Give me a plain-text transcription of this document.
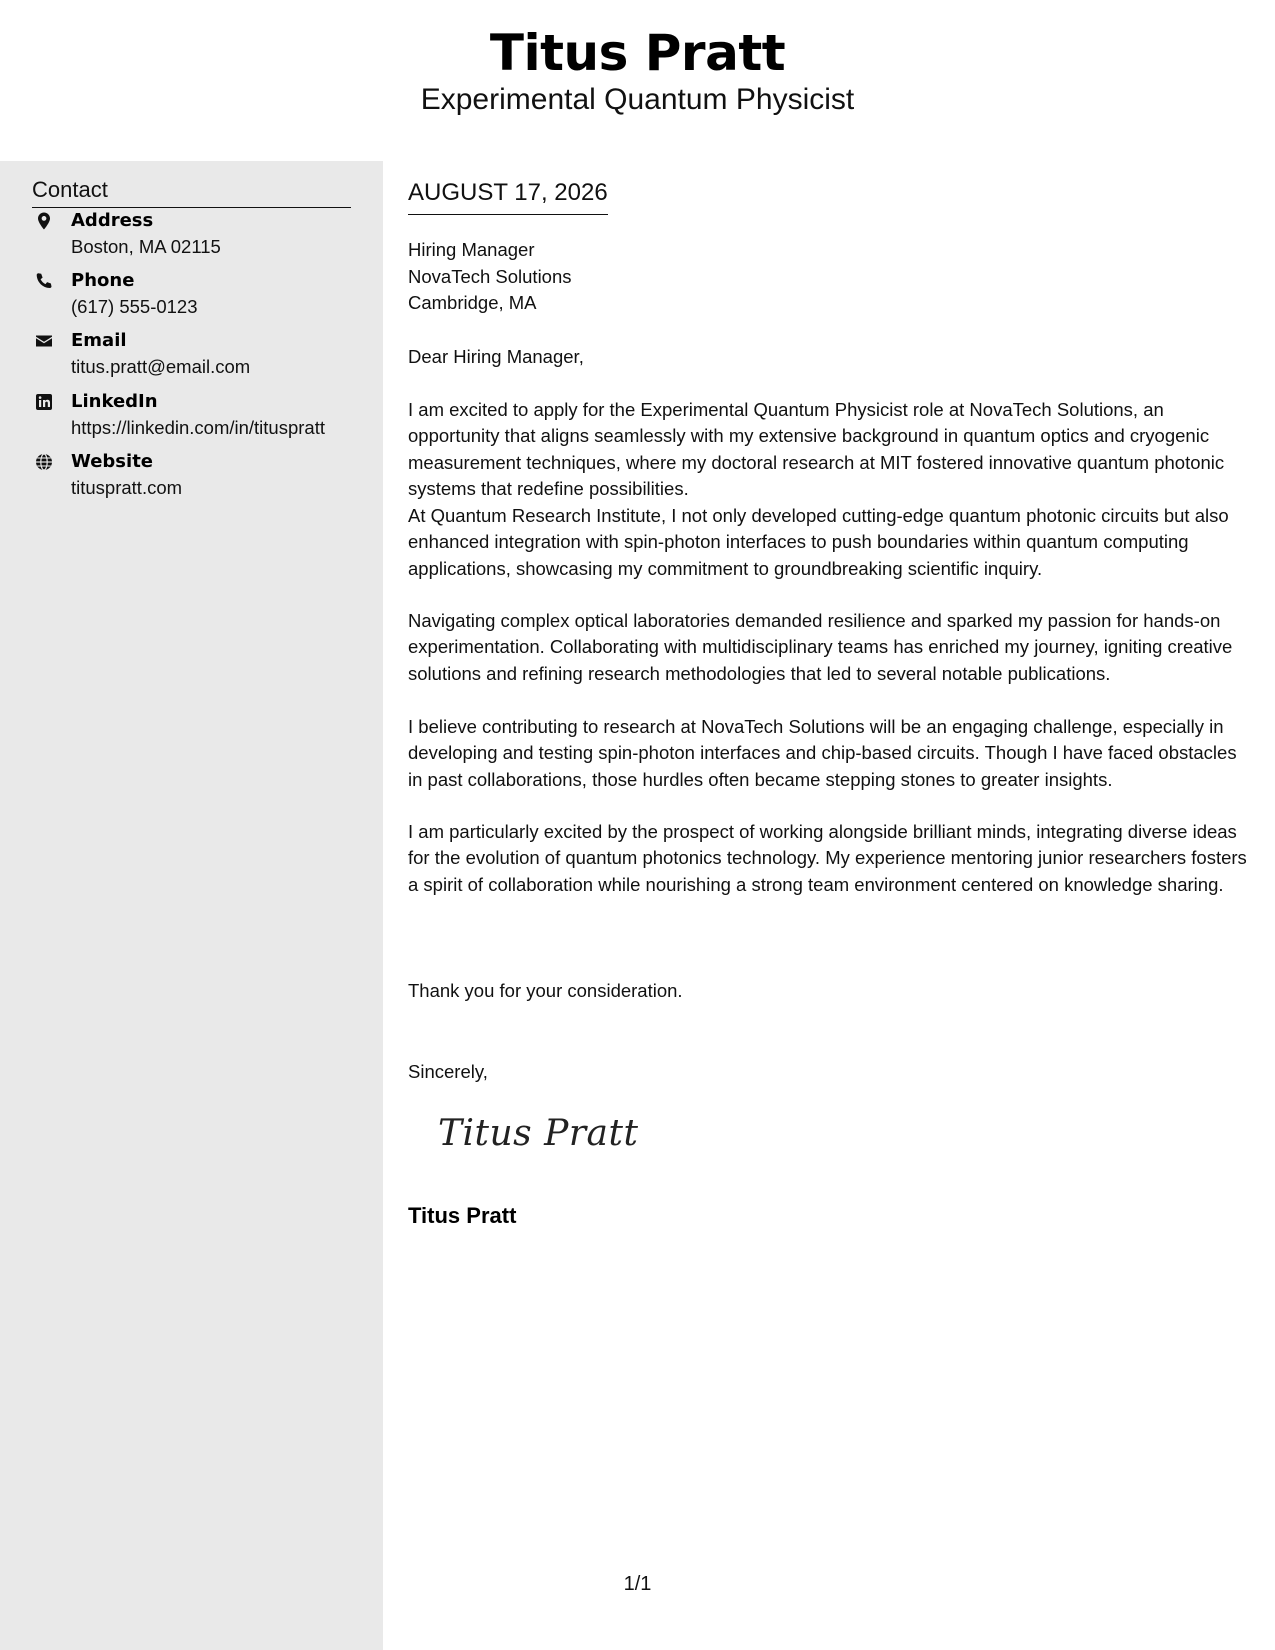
Titus Pratt
Experimental Quantum Physicist
Contact
Address
Boston, MA 02115
Phone
(617) 555-0123
Email
titus.pratt@email.com
LinkedIn
https://linkedin.com/in/tituspratt
Website
tituspratt.com
AUGUST 17, 2026
Hiring Manager
NovaTech Solutions
Cambridge, MA
Dear Hiring Manager,
I am excited to apply for the Experimental Quantum Physicist role at NovaTech Solutions, an opportunity that aligns seamlessly with my extensive background in quantum optics and cryogenic measurement techniques, where my doctoral research at MIT fostered innovative quantum photonic systems that redefine possibilities.
At Quantum Research Institute, I not only developed cutting-edge quantum photonic circuits but also enhanced integration with spin-photon interfaces to push boundaries within quantum computing applications, showcasing my commitment to groundbreaking scientific inquiry.
Navigating complex optical laboratories demanded resilience and sparked my passion for hands-on experimentation. Collaborating with multidisciplinary teams has enriched my journey, igniting creative solutions and refining research methodologies that led to several notable publications.
I believe contributing to research at NovaTech Solutions will be an engaging challenge, especially in developing and testing spin-photon interfaces and chip-based circuits. Though I have faced obstacles in past collaborations, those hurdles often became stepping stones to greater insights.
I am particularly excited by the prospect of working alongside brilliant minds, integrating diverse ideas for the evolution of quantum photonics technology. My experience mentoring junior researchers fosters a spirit of collaboration while nourishing a strong team environment centered on knowledge sharing.
Thank you for your consideration.
Sincerely,
Titus Pratt
Titus Pratt
1/1
